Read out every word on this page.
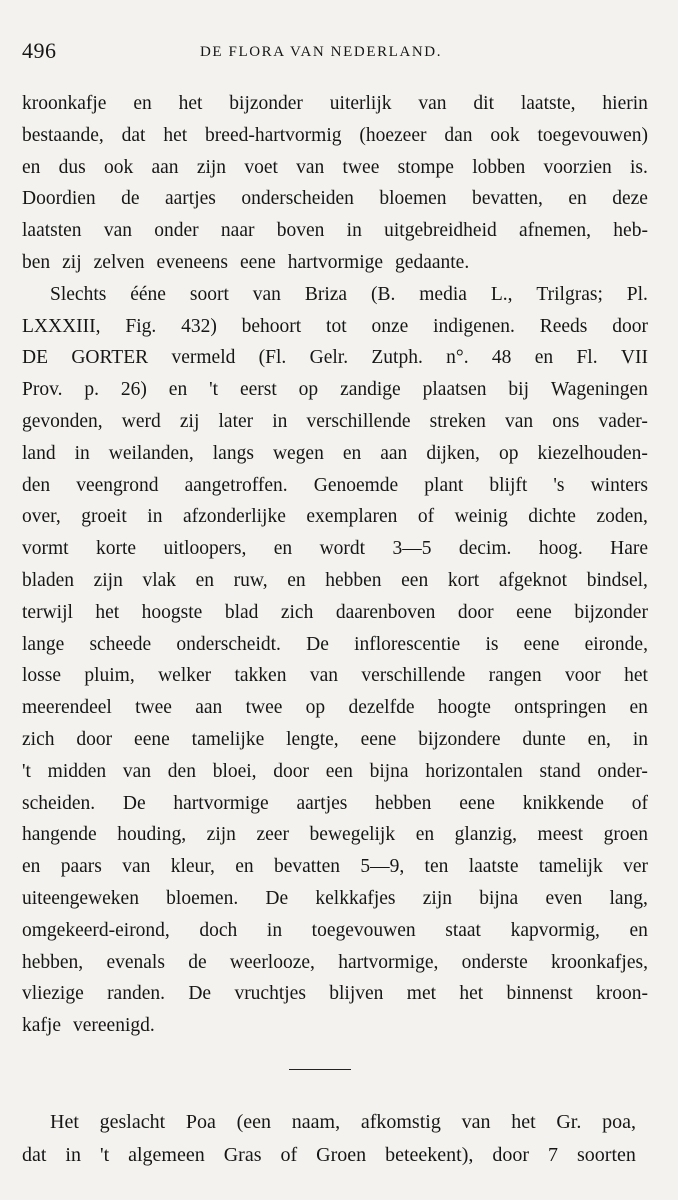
496	DE FLORA VAN NEDERLAND.
kroonkafje en het bijzonder uiterlijk van dit laatste, hierin
bestaande, dat het breed-hartvormig (hoezeer dan ook toegevouwen)
en dus ook aan zijn voet van twee stompe lobben voorzien is.
Doordien de aartjes onderscheiden bloemen bevatten, en deze
laatsten van onder naar boven in uitgebreidheid afnemen, heb-
ben zij zelven eveneens eene hartvormige gedaante.
Slechts ééne soort van Briza (B. media L., Trilgras; Pl.
LXXXIII, Fig. 432) behoort tot onze indigenen. Reeds door
DE GORTER vermeld (Fl. Gelr. Zutph. n°. 48 en Fl. VII
Prov. p. 26) en 't eerst op zandige plaatsen bij Wageningen
gevonden, werd zij later in verschillende streken van ons vader-
land in weilanden, langs wegen en aan dijken, op kiezelhouden-
den veengrond aangetroffen. Genoemde plant blijft 's winters
over, groeit in afzonderlijke exemplaren of weinig dichte zoden,
vormt korte uitloopers, en wordt 3—5 decim. hoog. Hare
bladen zijn vlak en ruw, en hebben een kort afgeknot bindsel,
terwijl het hoogste blad zich daarenboven door eene bijzonder
lange scheede onderscheidt. De inflorescentie is eene eironde,
losse pluim, welker takken van verschillende rangen voor het
meerendeel twee aan twee op dezelfde hoogte ontspringen en
zich door eene tamelijke lengte, eene bijzondere dunte en, in
't midden van den bloei, door een bijna horizontalen stand onder-
scheiden. De hartvormige aartjes hebben eene knikkende of
hangende houding, zijn zeer bewegelijk en glanzig, meest groen
en paars van kleur, en bevatten 5—9, ten laatste tamelijk ver
uiteengeweken bloemen. De kelkkafjes zijn bijna even lang,
omgekeerd-eirond, doch in toegevouwen staat kapvormig, en
hebben, evenals de weerlooze, hartvormige, onderste kroonkafjes,
vliezige randen. De vruchtjes blijven met het binnenst kroon-
kafje vereenigd.
Het geslacht Poa (een naam, afkomstig van het Gr. poa,
dat in 't algemeen Gras of Groen beteekent), door 7 soorten
